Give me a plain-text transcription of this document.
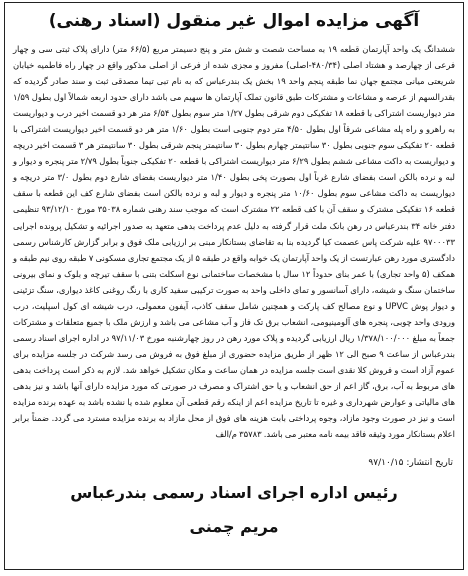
آگهی مزایده اموال غیر منقول (اسناد رهنی)

ششدانگ یک واحد آپارتمان قطعه ۱۹ به مساحت شصت و شش متر و پنج دسیمتر مربع (۶۶/۵ متر) دارای پلاک ثبتی سی و چهار فرعی از چهارصد و هشتاد اصلی (۴۸۰/۳۴-اصلی) مفروز و مجزی شده از فرعی از اصلی مذکور واقع در چهار راه فاطمیه خیابان شریعتی میانی مجتمع جهان نما طبقه پنجم واحد ۱۹ بخش یک بندرعباس که به نام تبی تیما مصدقی ثبت و سند صادر گردیده که بقدرالسهم از عرصه و مشاعات و مشترکات طبق قانون تملک آپارتمان ها سهیم می باشد دارای حدود اربعه شمالاً اول بطول ۱/۵۹ متر دیواریست اشتراکی با قطعه ۱۸ تفکیکی دوم شرقی بطول ۱/۲۷ متر سوم بطول ۶/۵۴ متر هر دو قسمت اخیر درب و دیواریست به راهرو و راه پله مشاعی شرقاً اول بطول ۴/۵۰ متر دوم جنوبی است بطول ۱/۶۰ متر هر دو قسمت اخیر دیواریست اشتراکی با قطعه ۲۰ تفکیکی سوم جنوبی بطول ۳۰ سانتیمتر چهارم بطول ۳۰ سانتیمتر پنجم شرقی بطول ۳۰ سانتیمتر هر ۳ قسمت اخیر دریچه و دیواریست به داکت مشاعی ششم بطول ۶/۲۹ متر دیواریست اشتراکی با قطعه ۲۰ تفکیکی جنوباً بطول ۲/۷۹ متر پنجره و دیوار و لبه و نرده بالکن است بفضای شارع غرباً اول بصورت پخی بطول ۱/۴۰ متر دیواریست بفضای شارع دوم بطول ۳/۰ متر دریچه و دیواریست به داکت مشاعی سوم بطول ۱۰/۶۰ متر پنجره و دیوار و لبه و نرده بالکن است بفضای شارع کف این قطعه با سقف قطعه ۱۶ تفکیکی مشترک و سقف آن با کف قطعه ۲۲ مشترک است که موجب سند رهنی شماره ۳۵۰۳۸ مورخ ۹۳/۱۲/۱۰ تنظیمی دفتر خانه ۳۴ بندرعباس در رهن بانک ملت قرار گرفته به دلیل عدم پرداخت بدهی متعهد به صدور اجرائیه و تشکیل پرونده اجرایی ۹۷۰۰۰۳۳ علیه شرکت پاس عصمت کیا گردیده بنا به تقاضای بستانکار مبنی بر ارزیابی ملک فوق و برابر گزارش کارشناس رسمی دادگستری مورد رهن عبارتست از یک واحد آپارتمان یک خوابه واقع در طبقه ۵ از یک مجتمع تجاری مسکونی ۷ طبقه روی نیم طبقه و همکف (۵ واحد تجاری) با عمر بنای حدوداً ۱۲ سال با مشخصات ساختمانی نوع اسکلت بتنی با سقف تیرچه و بلوک و نمای بیرونی ساختمان سنگ و شیشه، دارای آسانسور و تمای داخلی واحد به صورت ترکیبی سفید کاری با رنگ روغنی کاغذ دیواری، سنگ تزئینی و دیوار پوش UPVC و نوع مصالح کف پارکت و همچنین شامل سقف کاذب، آیفون معمولی، درب شیشه ای کول اسپلیت، درب ورودی واحد چوبی، پنجره های آلومینیومی، انشعاب برق تک فاز و آب مشاعی می باشد و ارزش ملک با جمیع متعلقات و مشترکات جمعاً به مبلغ ۱/۳۷۸/۱۰۰/۰۰۰ ریال ارزیابی گردیده و پلاک مورد رهن در روز چهارشنبه مورخ ۹۷/۱۱/۰۳ در اداره اجرای اسناد رسمی بندرعباس از ساعت ۹ صبح الی ۱۲ ظهر از طریق مزایده حضوری از مبلغ فوق به فروش می رسد شرکت در جلسه مزایده برای عموم آزاد است و فروش کلا نقدی است جلسه مزایده در همان ساعت و مکان تشکیل خواهد شد. لازم به ذکر است پرداخت بدهی های مربوط به آب، برق، گاز اعم از حق انشعاب و یا حق اشتراک و مصرف در صورتی که مورد مزایده دارای آنها باشد و نیز بدهی های مالیاتی و عوارض شهرداری و غیره تا تاریخ مزایده اعم از اینکه رقم قطعی آن معلوم شده یا نشده باشد به عهده برنده مزایده است و نیز در صورت وجود مازاد، وجوه پرداختی بابت هزینه های فوق از محل مازاد به برنده مزایده مسترد می گردد. ضمناً برابر اعلام بستانکار مورد وثیقه فاقد بیمه نامه معتبر می باشد. ۳۵۷۸۳ م/الف

تاریخ انتشار: ۹۷/۱۰/۱۵
رئیس اداره اجرای اسناد رسمی بندرعباس
مریم چمنی
